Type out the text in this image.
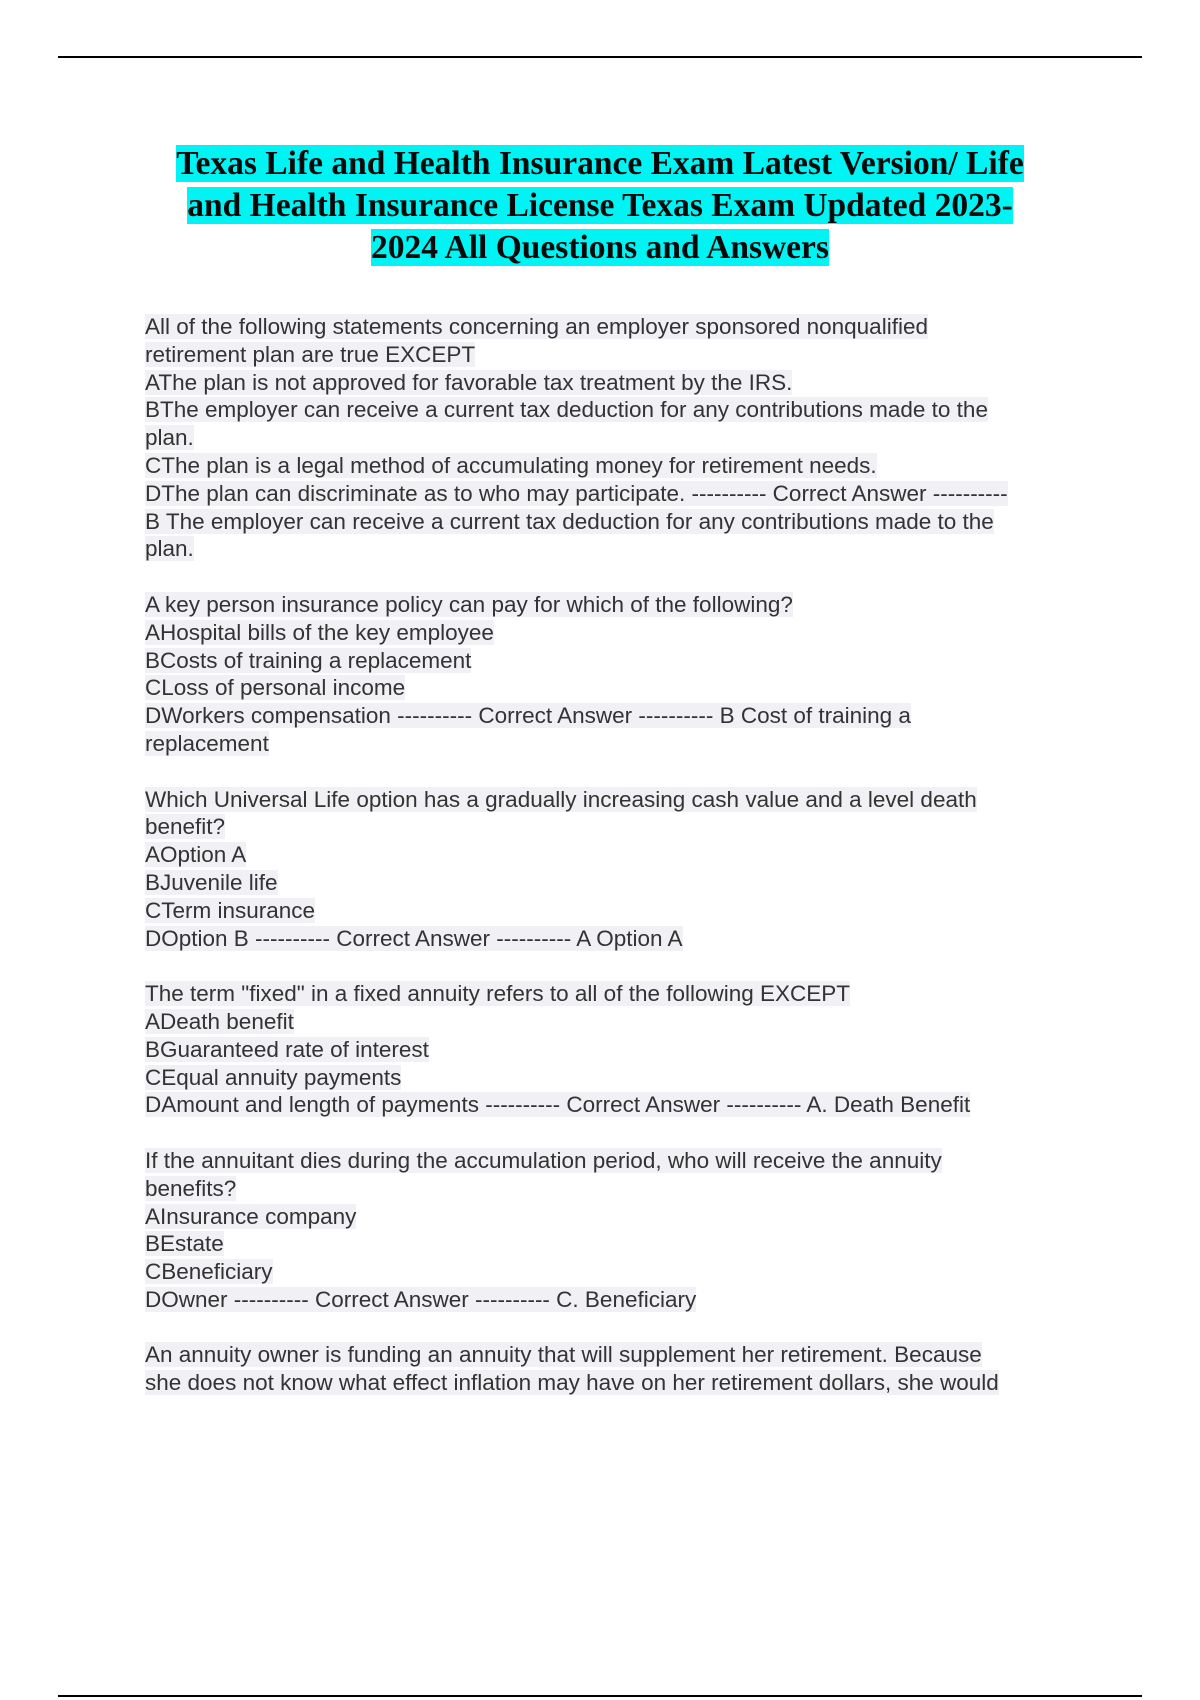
Texas Life and Health Insurance Exam Latest Version/ Life
and Health Insurance License Texas Exam Updated 2023-
2024 All Questions and Answers

All of the following statements concerning an employer sponsored nonqualified
retirement plan are true EXCEPT
AThe plan is not approved for favorable tax treatment by the IRS.
BThe employer can receive a current tax deduction for any contributions made to the
plan.
CThe plan is a legal method of accumulating money for retirement needs.
DThe plan can discriminate as to who may participate. ---------- Correct Answer ----------
B The employer can receive a current tax deduction for any contributions made to the
plan.
A key person insurance policy can pay for which of the following?
AHospital bills of the key employee
BCosts of training a replacement
CLoss of personal income
DWorkers compensation ---------- Correct Answer ---------- B Cost of training a
replacement
Which Universal Life option has a gradually increasing cash value and a level death
benefit?
AOption A
BJuvenile life
CTerm insurance
DOption B ---------- Correct Answer ---------- A Option A
The term "fixed" in a fixed annuity refers to all of the following EXCEPT
ADeath benefit
BGuaranteed rate of interest
CEqual annuity payments
DAmount and length of payments ---------- Correct Answer ---------- A. Death Benefit
If the annuitant dies during the accumulation period, who will receive the annuity
benefits?
AInsurance company
BEstate
CBeneficiary
DOwner ---------- Correct Answer ---------- C. Beneficiary
An annuity owner is funding an annuity that will supplement her retirement. Because
she does not know what effect inflation may have on her retirement dollars, she would
